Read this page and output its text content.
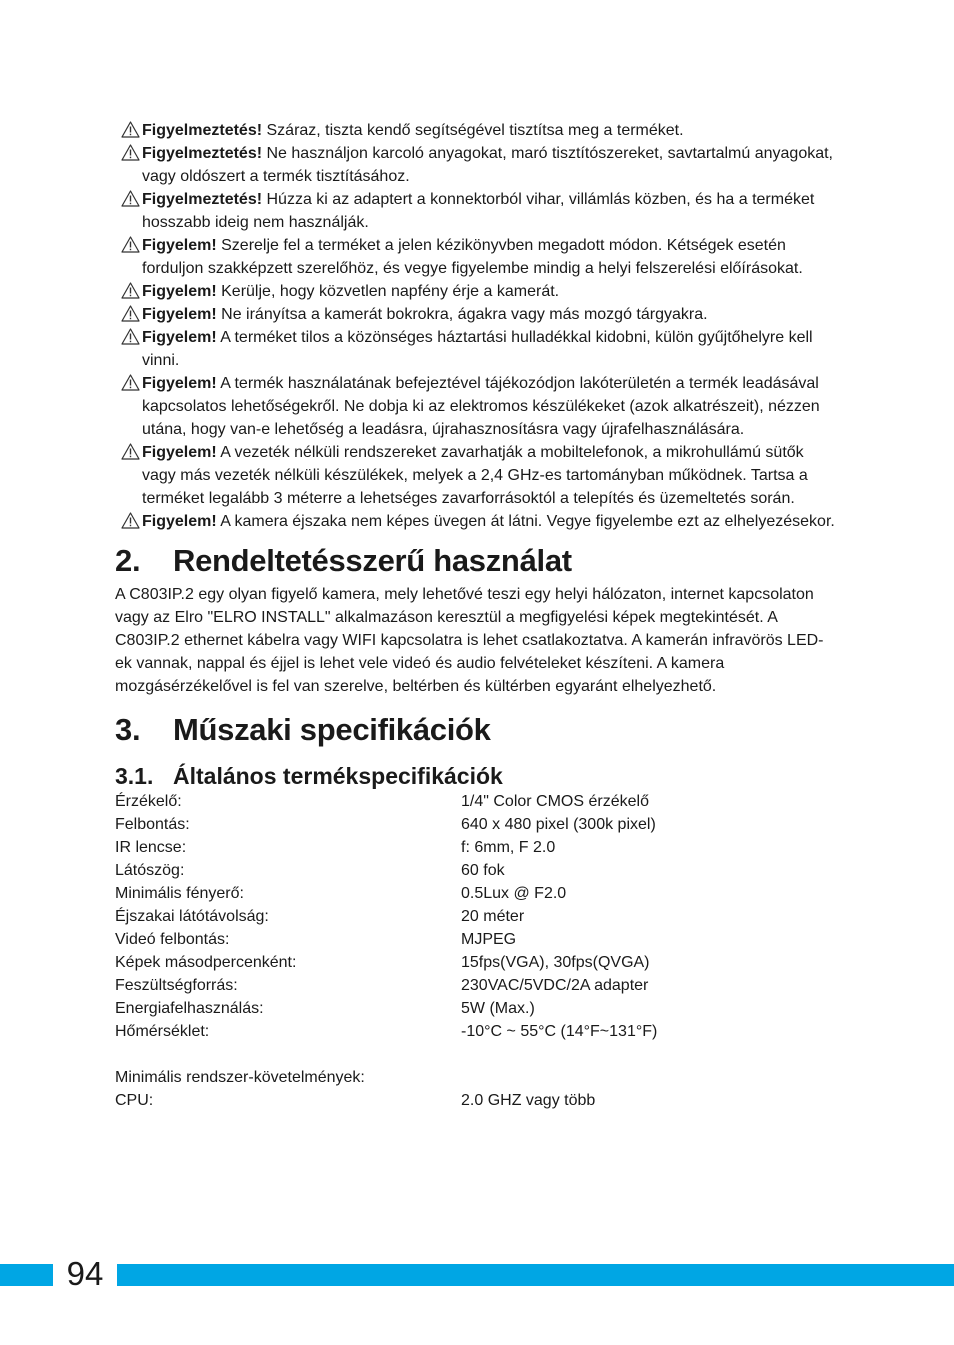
Figyelmeztetés! Száraz, tiszta kendő segítségével tisztítsa meg a terméket.
Figyelmeztetés! Ne használjon karcoló anyagokat, maró tisztítószereket, savtartalmú anyagokat, vagy oldószert a termék tisztításához.
Figyelmeztetés! Húzza ki az adaptert a konnektorból vihar, villámlás közben, és ha a terméket hosszabb ideig nem használják.
Figyelem! Szerelje fel a terméket a jelen kézikönyvben megadott módon. Kétségek esetén forduljon szakképzett szerelőhöz, és vegye figyelembe mindig a helyi felszerelési előírásokat.
Figyelem! Kerülje, hogy közvetlen napfény érje a kamerát.
Figyelem! Ne irányítsa a kamerát bokrokra, ágakra vagy más mozgó tárgyakra.
Figyelem! A terméket tilos a közönséges háztartási hulladékkal kidobni, külön gyűjtőhelyre kell vinni.
Figyelem! A termék használatának befejeztével tájékozódjon lakóterületén a termék leadásával kapcsolatos lehetőségekről. Ne dobja ki az elektromos készülékeket (azok alkatrészeit), nézzen utána, hogy van-e lehetőség a leadásra, újrahasznosításra vagy újrafelhasználására.
Figyelem! A vezeték nélküli rendszereket zavarhatják a mobiltelefonok, a mikrohullámú sütők vagy más vezeték nélküli készülékek, melyek a 2,4 GHz-es tartományban működnek. Tartsa a terméket legalább 3 méterre a lehetséges zavarforrásoktól a telepítés és üzemeltetés során.
Figyelem! A kamera éjszaka nem képes üvegen át látni. Vegye figyelembe ezt az elhelyezésekor.
2. Rendeltetésszerű használat
A C803IP.2 egy olyan figyelő kamera, mely lehetővé teszi egy helyi hálózaton, internet kapcsolaton vagy az Elro "ELRO INSTALL" alkalmazáson keresztül a megfigyelési képek megtekintését. A C803IP.2 ethernet kábelra vagy WIFI kapcsolatra is lehet csatlakoztatva. A kamerán infravörös LED-ek vannak, nappal és éjjel is lehet vele videó és audio felvételeket készíteni. A kamera mozgásérzékelővel is fel van szerelve, beltérben és kültérben egyaránt elhelyezhető.
3. Műszaki specifikációk
3.1. Általános termékspecifikációk
Érzékelő:	1/4" Color CMOS érzékelő
Felbontás:	640 x 480 pixel (300k pixel)
IR lencse:	f: 6mm, F 2.0
Látószög:	60 fok
Minimális fényerő:	0.5Lux @ F2.0
Éjszakai látótávolság:	20 méter
Videó felbontás:	MJPEG
Képek másodpercenként:	15fps(VGA), 30fps(QVGA)
Feszültségforrás:	230VAC/5VDC/2A adapter
Energiafelhasználás:	5W (Max.)
Hőmérséklet:	-10°C ~ 55°C (14°F~131°F)
Minimális rendszer-követelmények:
CPU:	2.0 GHZ vagy több
94
